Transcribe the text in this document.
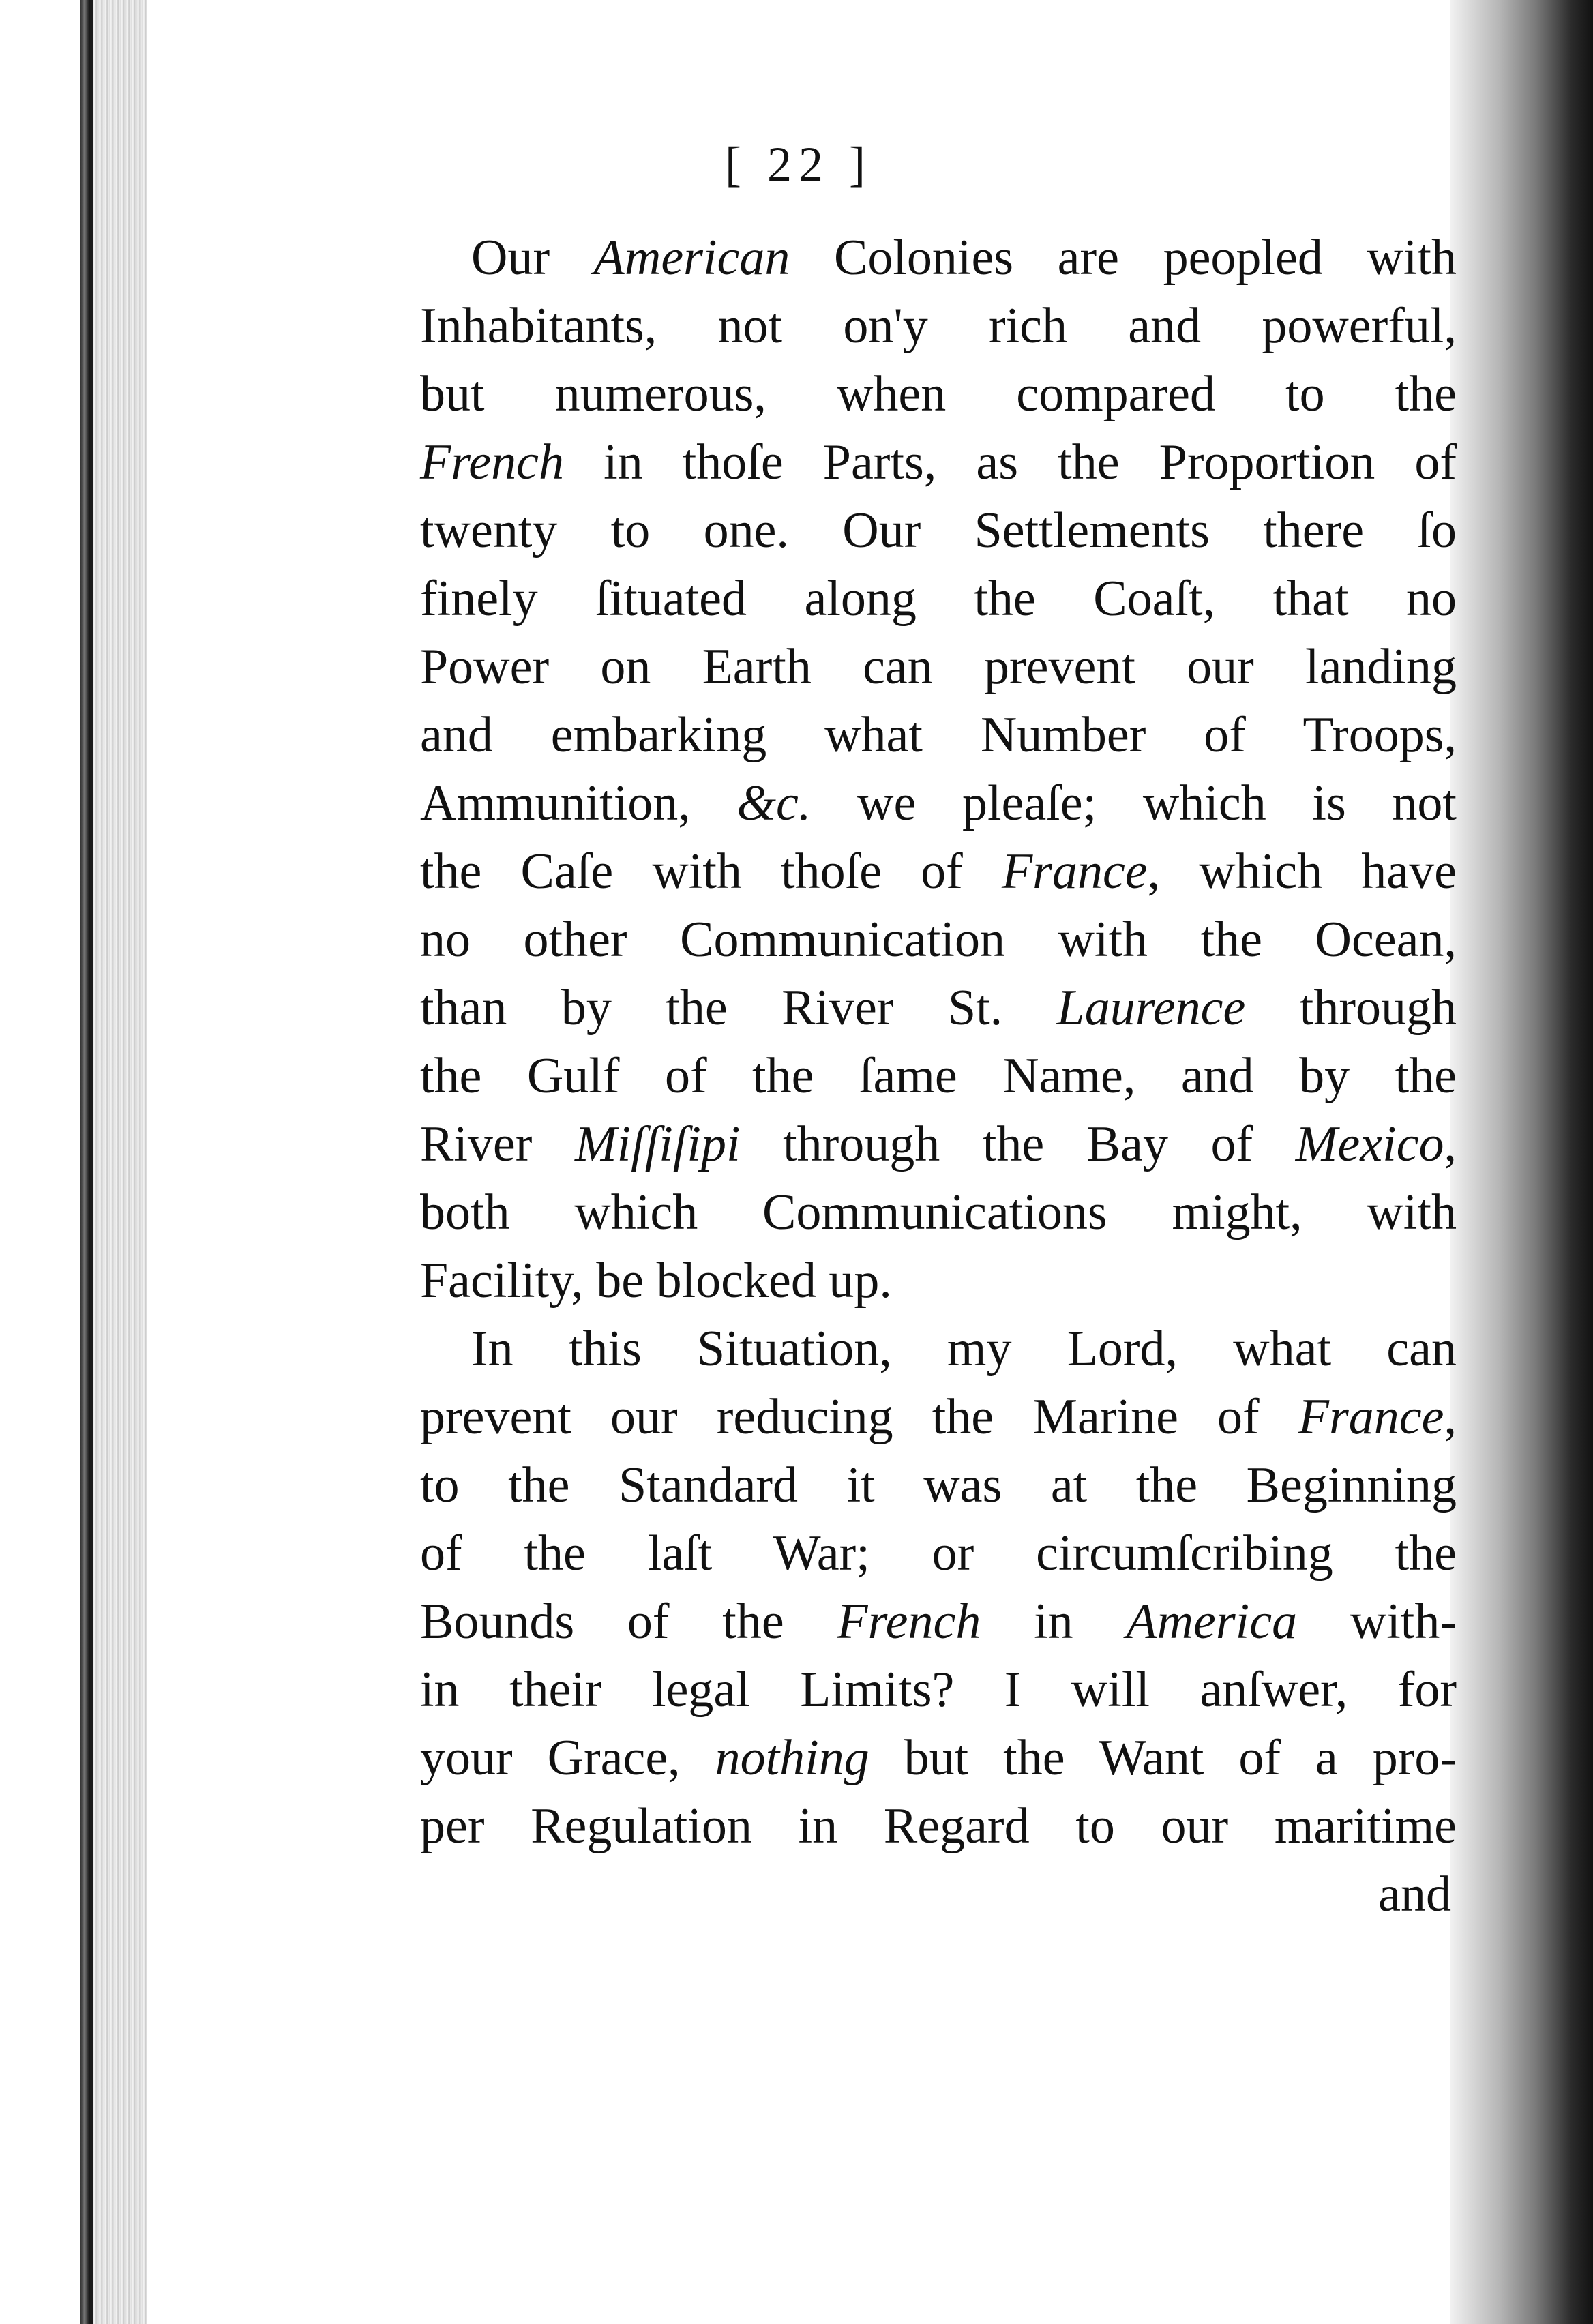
[ 22 ]
Our American Colonies are peopled with
Inhabitants, not on'y rich and powerful,
but numerous, when compared to the
French in thoſe Parts, as the Proportion of
twenty to one. Our Settlements there ſo
finely ſituated along the Coaſt, that no
Power on Earth can prevent our landing
and embarking what Number of Troops,
Ammunition, &c. we pleaſe; which is not
the Caſe with thoſe of France, which have
no other Communication with the Ocean,
than by the River St. Laurence through
the Gulf of the ſame Name, and by the
River Miſſiſipi through the Bay of Mexico,
both which Communications might, with
Facility, be blocked up.
In this Situation, my Lord, what can
prevent our reducing the Marine of France,
to the Standard it was at the Beginning
of the laſt War; or circumſcribing the
Bounds of the French in America with-
in their legal Limits? I will anſwer, for
your Grace, nothing but the Want of a pro-
per Regulation in Regard to our maritime
and
